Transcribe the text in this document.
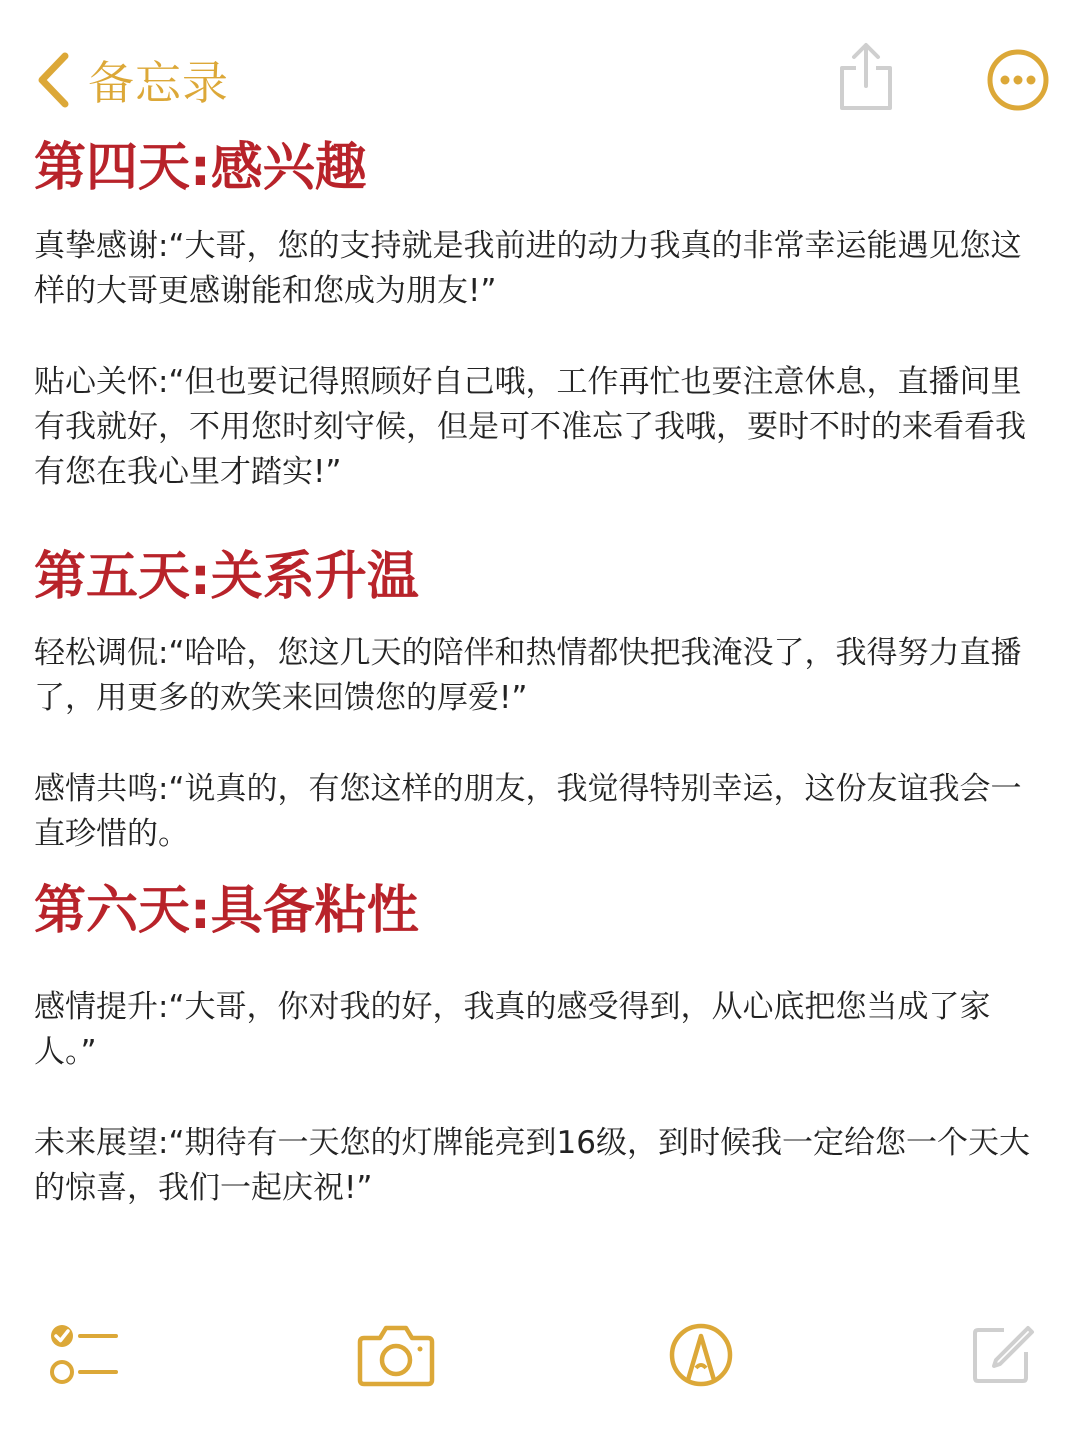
备忘录
第四天:感兴趣

真挚感谢:“大哥，您的支持就是我前进的动力我真的非常幸运能遇见您这样的大哥更感谢能和您成为朋友!”

贴心关怀:“但也要记得照顾好自己哦，工作再忙也要注意休息，直播间里有我就好，不用您时刻守候，但是可不准忘了我哦，要时不时的来看看我有您在我心里才踏实!”

第五天:关系升温

轻松调侃:“哈哈，您这几天的陪伴和热情都快把我淹没了，我得努力直播了，用更多的欢笑来回馈您的厚爱!”

感情共鸣:“说真的，有您这样的朋友，我觉得特别幸运，这份友谊我会一直珍惜的。

第六天:具备粘性

感情提升:“大哥，你对我的好，我真的感受得到，从心底把您当成了家人。”

未来展望:“期待有一天您的灯牌能亮到16级，到时候我一定给您一个天大的惊喜，我们一起庆祝!”
